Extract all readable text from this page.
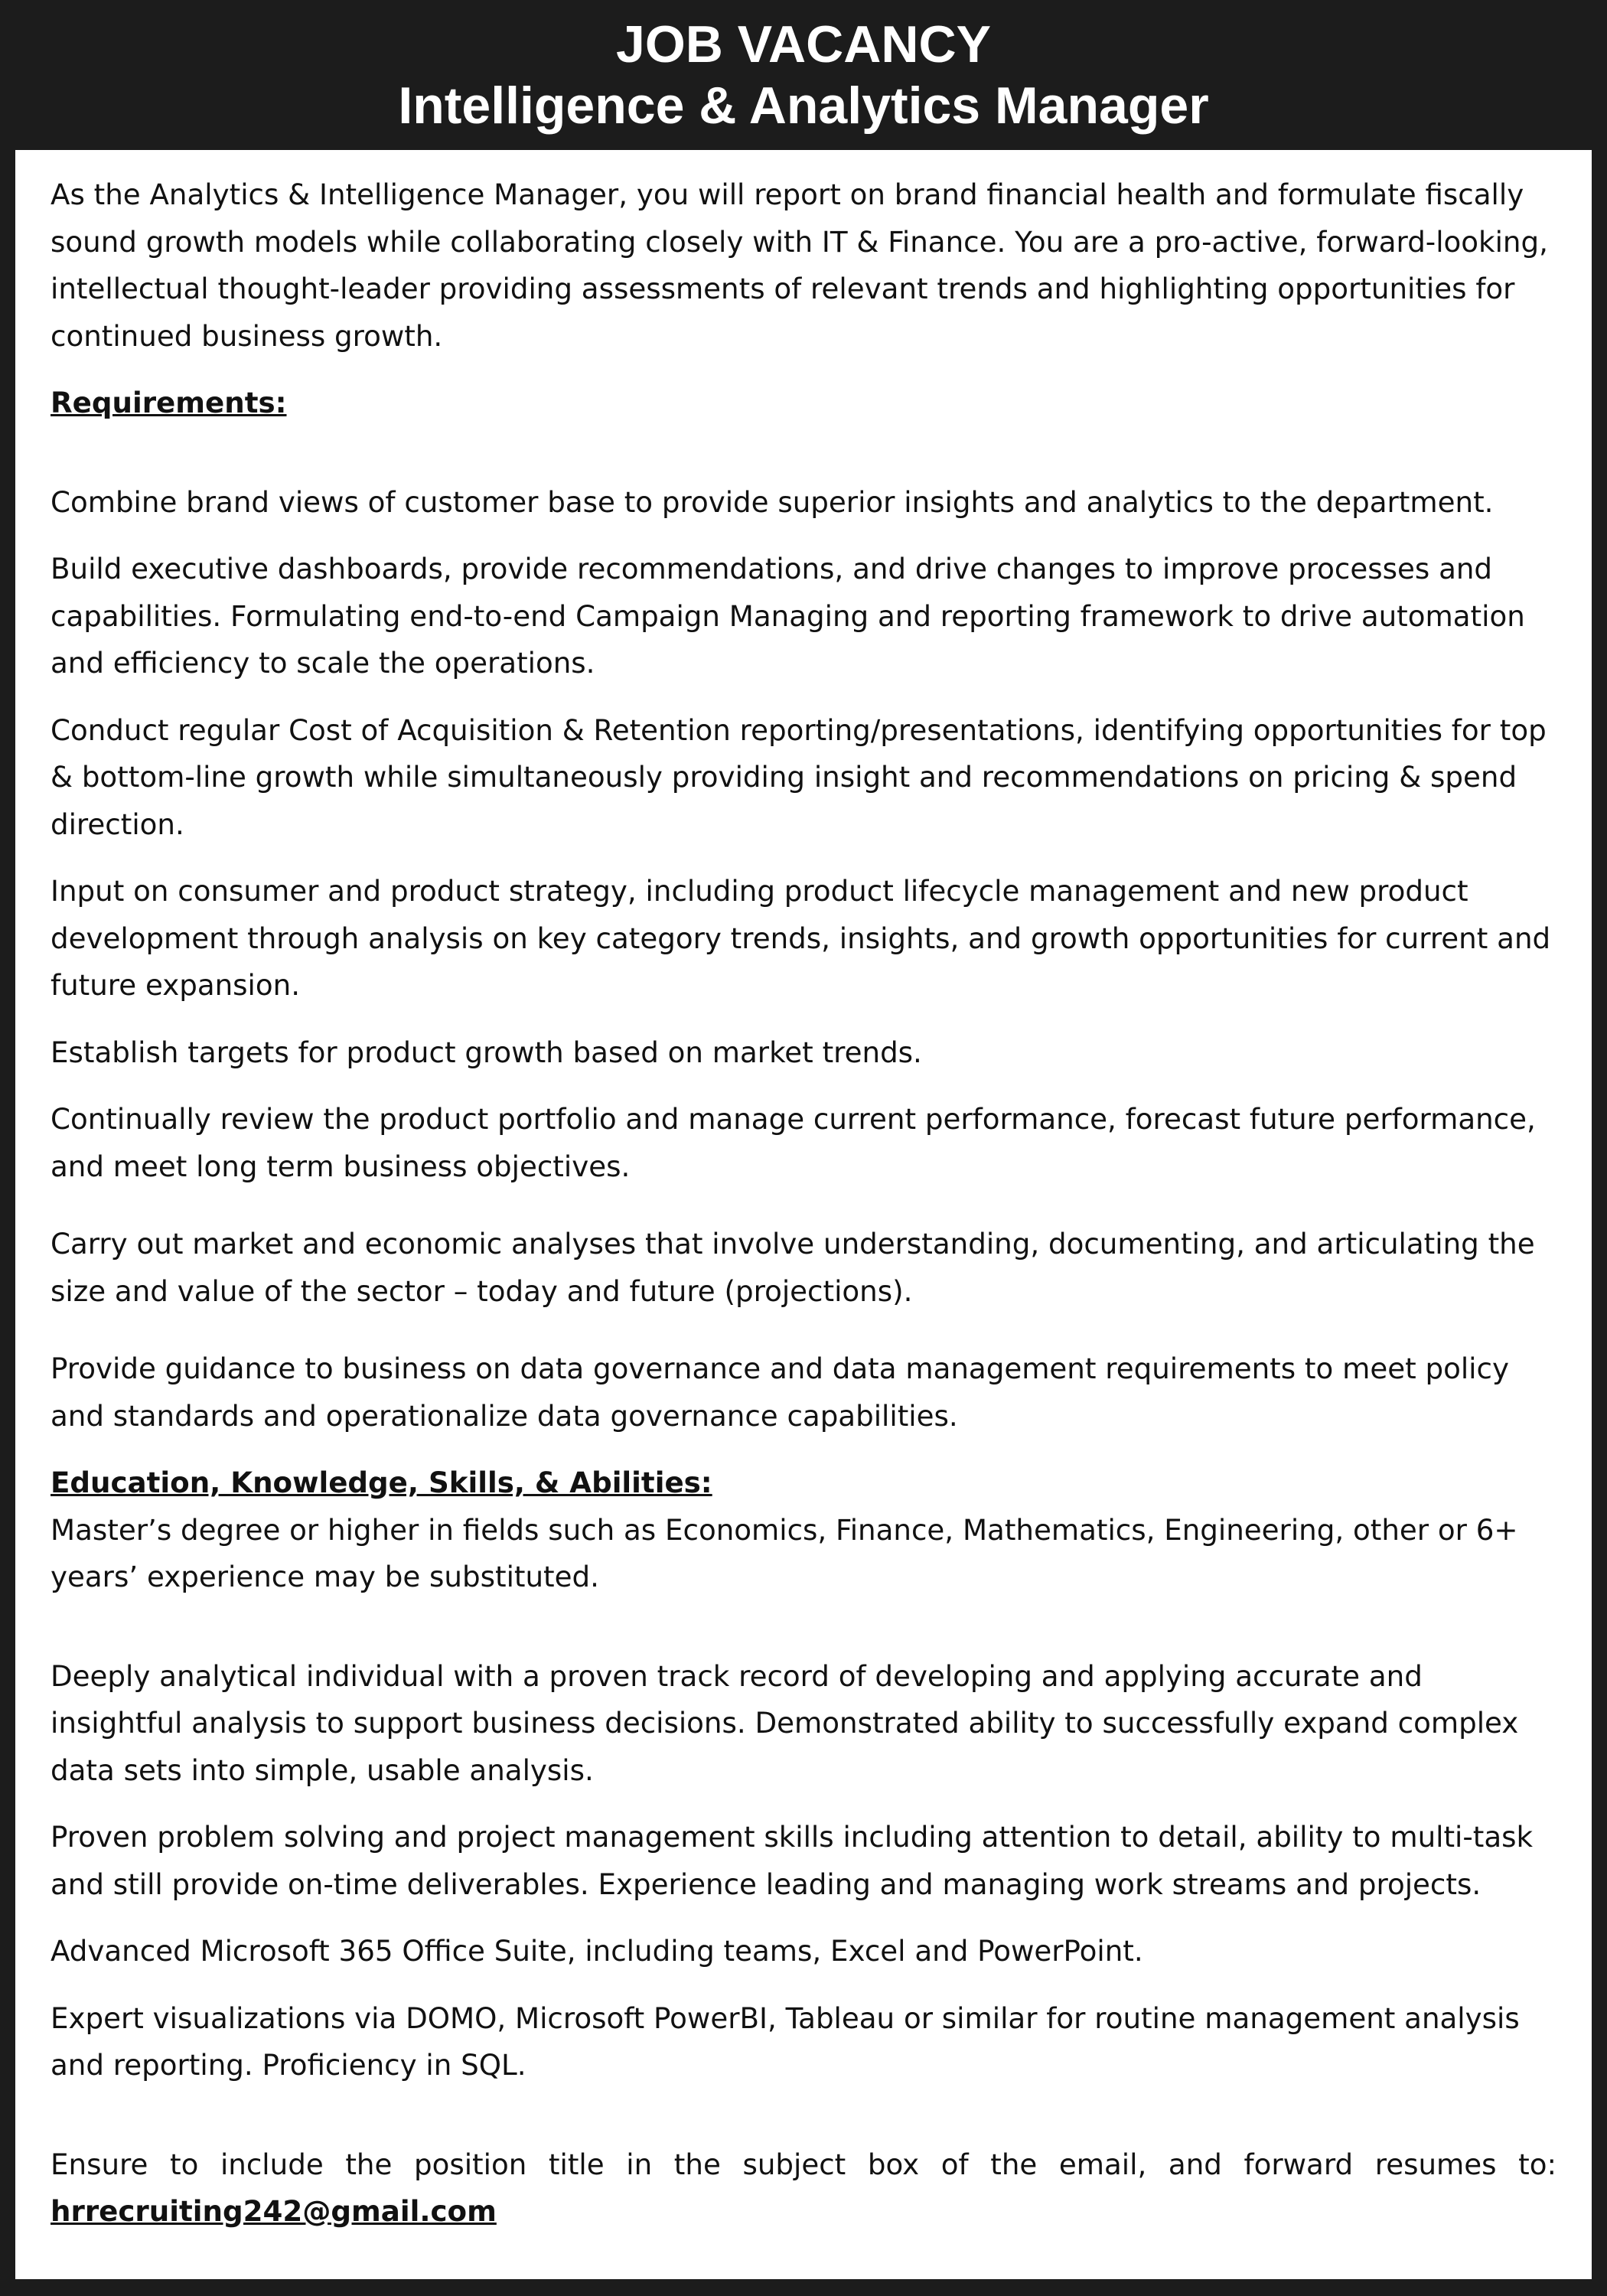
JOB VACANCY
Intelligence & Analytics Manager

As the Analytics & Intelligence Manager, you will report on brand financial health and formulate fiscally sound growth models while collaborating closely with IT & Finance. You are a pro-active, forward-looking, intellectual thought-leader providing assessments of relevant trends and highlighting opportunities for continued business growth.

Requirements:

Combine brand views of customer base to provide superior insights and analytics to the department.

Build executive dashboards, provide recommendations, and drive changes to improve processes and capabilities. Formulating end-to-end Campaign Managing and reporting framework to drive automation and efficiency to scale the operations.

Conduct regular Cost of Acquisition & Retention reporting/presentations, identifying opportunities for top & bottom-line growth while simultaneously providing insight and recommendations on pricing & spend direction.

Input on consumer and product strategy, including product lifecycle management and new product development through analysis on key category trends, insights, and growth opportunities for current and future expansion.

Establish targets for product growth based on market trends.

Continually review the product portfolio and manage current performance, forecast future performance, and meet long term business objectives.

Carry out market and economic analyses that involve understanding, documenting, and articulating the size and value of the sector – today and future (projections).

Provide guidance to business on data governance and data management requirements to meet policy and standards and operationalize data governance capabilities.

Education, Knowledge, Skills, & Abilities:

Master’s degree or higher in fields such as Economics, Finance, Mathematics, Engineering, other or 6+ years’ experience may be substituted.

Deeply analytical individual with a proven track record of developing and applying accurate and insightful analysis to support business decisions. Demonstrated ability to successfully expand complex data sets into simple, usable analysis.

Proven problem solving and project management skills including attention to detail, ability to multi-task and still provide on-time deliverables. Experience leading and managing work streams and projects.

Advanced Microsoft 365 Office Suite, including teams, Excel and PowerPoint.

Expert visualizations via DOMO, Microsoft PowerBI, Tableau or similar for routine management analysis and reporting. Proficiency in SQL.

Ensure to include the position title in the subject box of the email, and forward resumes to:

hrrecruiting242@gmail.com
